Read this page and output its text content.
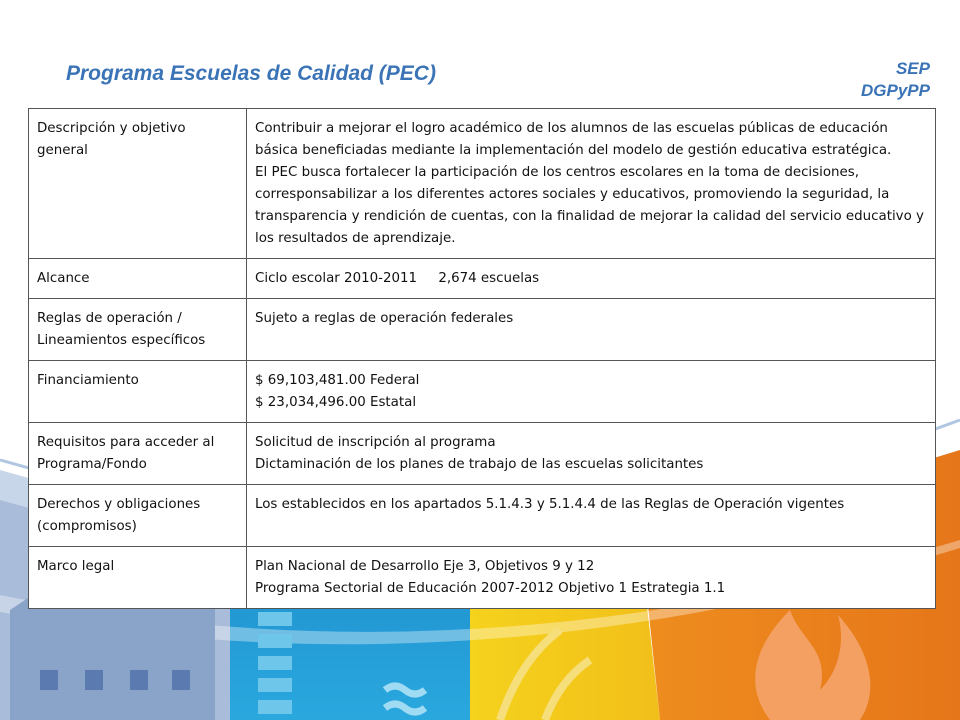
Programa Escuelas de Calidad (PEC)	SEP
DGPyPP
Descripción y objetivo general	Contribuir a mejorar el logro académico de los alumnos de las escuelas públicas de educación básica beneficiadas mediante la implementación del modelo de gestión educativa estratégica.
El PEC busca fortalecer la participación de los centros escolares en la toma de decisiones, corresponsabilizar a los diferentes actores sociales y educativos, promoviendo la seguridad, la transparencia y rendición de cuentas, con la finalidad de mejorar la calidad del servicio educativo y los resultados de aprendizaje.

Alcance	Ciclo escolar 2010-2011     2,674 escuelas

Reglas de operación / Lineamientos específicos	Sujeto a reglas de operación federales

Financiamiento	$ 69,103,481.00 Federal
$ 23,034,496.00 Estatal

Requisitos para acceder al Programa/Fondo	Solicitud de inscripción al programa
Dictaminación de los planes de trabajo de las escuelas solicitantes

Derechos y obligaciones (compromisos)	Los establecidos en los apartados 5.1.4.3 y 5.1.4.4 de las Reglas de Operación vigentes

Marco legal	Plan Nacional de Desarrollo Eje 3, Objetivos 9 y 12
Programa Sectorial de Educación 2007-2012 Objetivo 1 Estrategia 1.1
